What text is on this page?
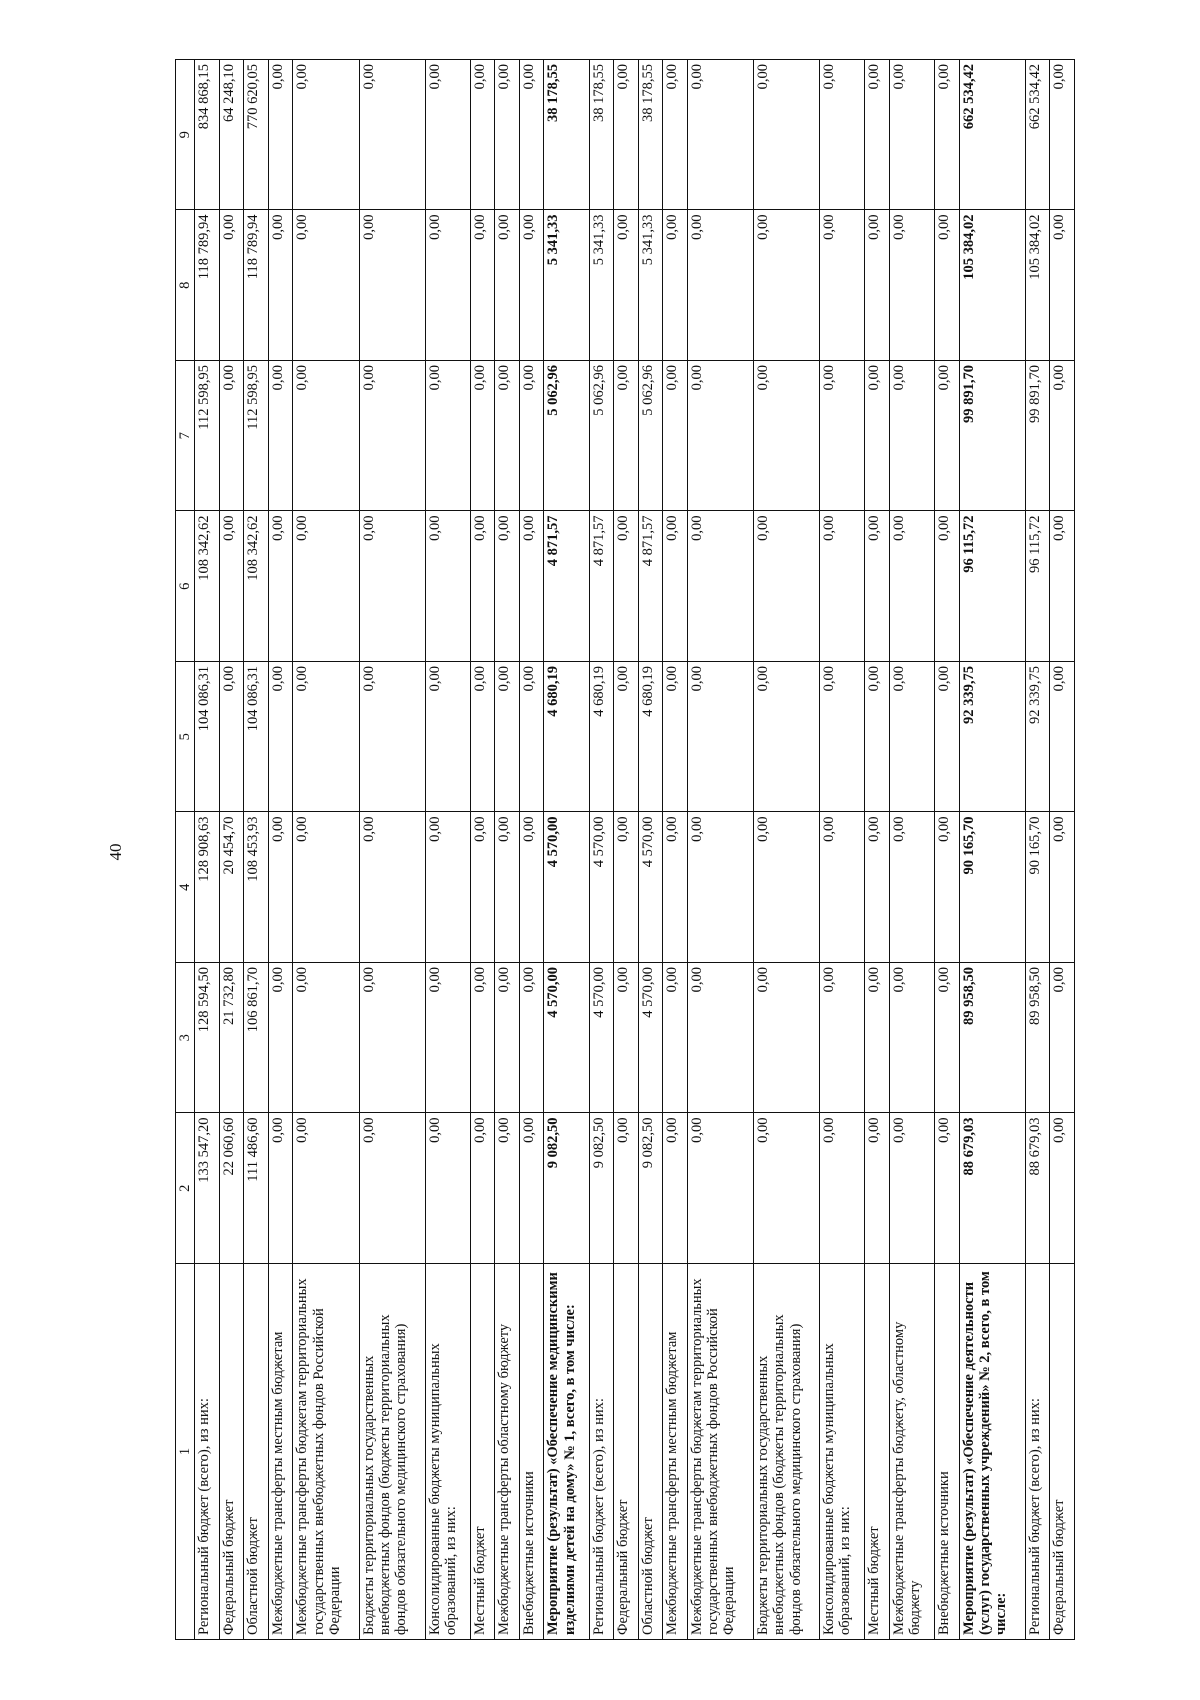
40
1	2	3	4	5	6	7	8	9
Региональный бюджет (всего), из них:	133 547,20	128 594,50	128 908,63	104 086,31	108 342,62	112 598,95	118 789,94	834 868,15
Федеральный бюджет	22 060,60	21 732,80	20 454,70	0,00	0,00	0,00	0,00	64 248,10
Областной бюджет	111 486,60	106 861,70	108 453,93	104 086,31	108 342,62	112 598,95	118 789,94	770 620,05
Межбюджетные трансферты местным бюджетам	0,00	0,00	0,00	0,00	0,00	0,00	0,00	0,00
Межбюджетные трансферты бюджетам территориальных государственных внебюджетных фондов Российской Федерации	0,00	0,00	0,00	0,00	0,00	0,00	0,00	0,00
Бюджеты территориальных государственных внебюджетных фондов (бюджеты территориальных фондов обязательного медицинского страхования)	0,00	0,00	0,00	0,00	0,00	0,00	0,00	0,00
Консолидированные бюджеты муниципальных образований, из них:	0,00	0,00	0,00	0,00	0,00	0,00	0,00	0,00
Местный бюджет	0,00	0,00	0,00	0,00	0,00	0,00	0,00	0,00
Межбюджетные трансферты областному бюджету	0,00	0,00	0,00	0,00	0,00	0,00	0,00	0,00
Внебюджетные источники	0,00	0,00	0,00	0,00	0,00	0,00	0,00	0,00
Мероприятие (результат) «Обеспечение медицинскими изделиями детей на дому» № 1, всего, в том числе:	9 082,50	4 570,00	4 570,00	4 680,19	4 871,57	5 062,96	5 341,33	38 178,55
Региональный бюджет (всего), из них:	9 082,50	4 570,00	4 570,00	4 680,19	4 871,57	5 062,96	5 341,33	38 178,55
Федеральный бюджет	0,00	0,00	0,00	0,00	0,00	0,00	0,00	0,00
Областной бюджет	9 082,50	4 570,00	4 570,00	4 680,19	4 871,57	5 062,96	5 341,33	38 178,55
Межбюджетные трансферты местным бюджетам	0,00	0,00	0,00	0,00	0,00	0,00	0,00	0,00
Межбюджетные трансферты бюджетам территориальных государственных внебюджетных фондов Российской Федерации	0,00	0,00	0,00	0,00	0,00	0,00	0,00	0,00
Бюджеты территориальных государственных внебюджетных фондов (бюджеты территориальных фондов обязательного медицинского страхования)	0,00	0,00	0,00	0,00	0,00	0,00	0,00	0,00
Консолидированные бюджеты муниципальных образований, из них:	0,00	0,00	0,00	0,00	0,00	0,00	0,00	0,00
Местный бюджет	0,00	0,00	0,00	0,00	0,00	0,00	0,00	0,00
Межбюджетные трансферты бюджету, областному бюджету	0,00	0,00	0,00	0,00	0,00	0,00	0,00	0,00
Внебюджетные источники	0,00	0,00	0,00	0,00	0,00	0,00	0,00	0,00
Мероприятие (результат) «Обеспечение деятельности (услуг) государственных учреждений» № 2, всего, в том числе:	88 679,03	89 958,50	90 165,70	92 339,75	96 115,72	99 891,70	105 384,02	662 534,42
Региональный бюджет (всего), из них:	88 679,03	89 958,50	90 165,70	92 339,75	96 115,72	99 891,70	105 384,02	662 534,42
Федеральный бюджет	0,00	0,00	0,00	0,00	0,00	0,00	0,00	0,00
